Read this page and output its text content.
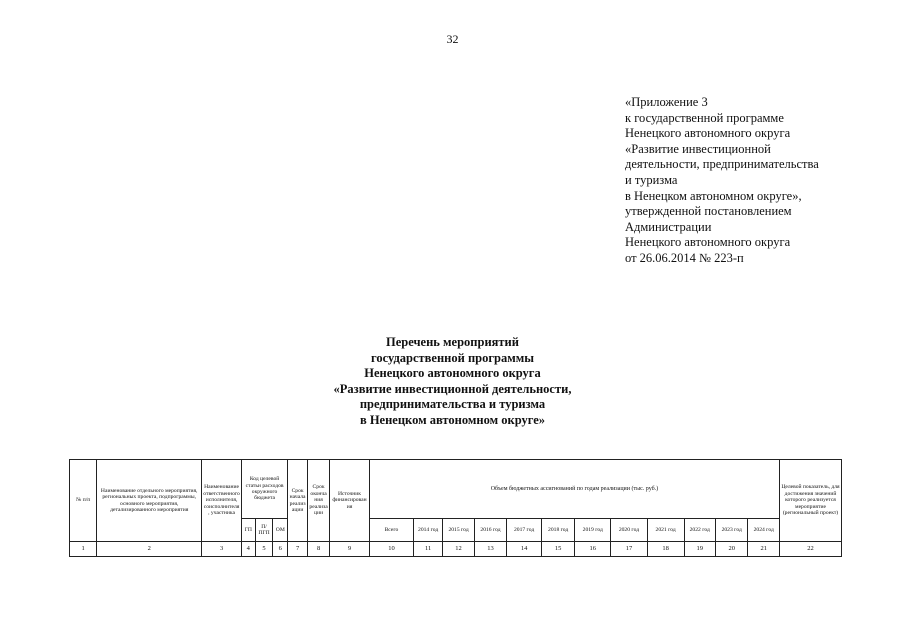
32
«Приложение 3
к государственной программе
Ненецкого автономного округа
«Развитие инвестиционной
деятельности, предпринимательства
и туризма
в Ненецком автономном округе»,
утвержденной постановлением
Администрации
Ненецкого автономного округа
от 26.06.2014 № 223-п
Перечень мероприятий
государственной программы
Ненецкого автономного округа
«Развитие инвестиционной деятельности,
предпринимательства и туризма
в Ненецком автономном округе»
№ п/п	Наименование отдельного мероприятия, региональных проекта, подпрограммы, основного мероприятия, детализированного мероприятия	Наименование ответственного исполнителя, соисполнителя, участника	Код целевой статьи расходов окружного бюджета			Срок начала реализации	Срок окончания реализации	Источник финансирования	Объем бюджетных ассигнований по годам реализации (тыс. руб.)												Целевой показатель, для достижения значений которого реализуется мероприятие (региональный проект)
			ГП	П/ ПГП	ОМ				Всего	2014 год	2015 год	2016 год	2017 год	2018 год	2019 год	2020 год	2021 год	2022 год	2023 год	2024 год	
1	2	3	4	5	6	7	8	9	10	11	12	13	14	15	16	17	18	19	20	21	22
